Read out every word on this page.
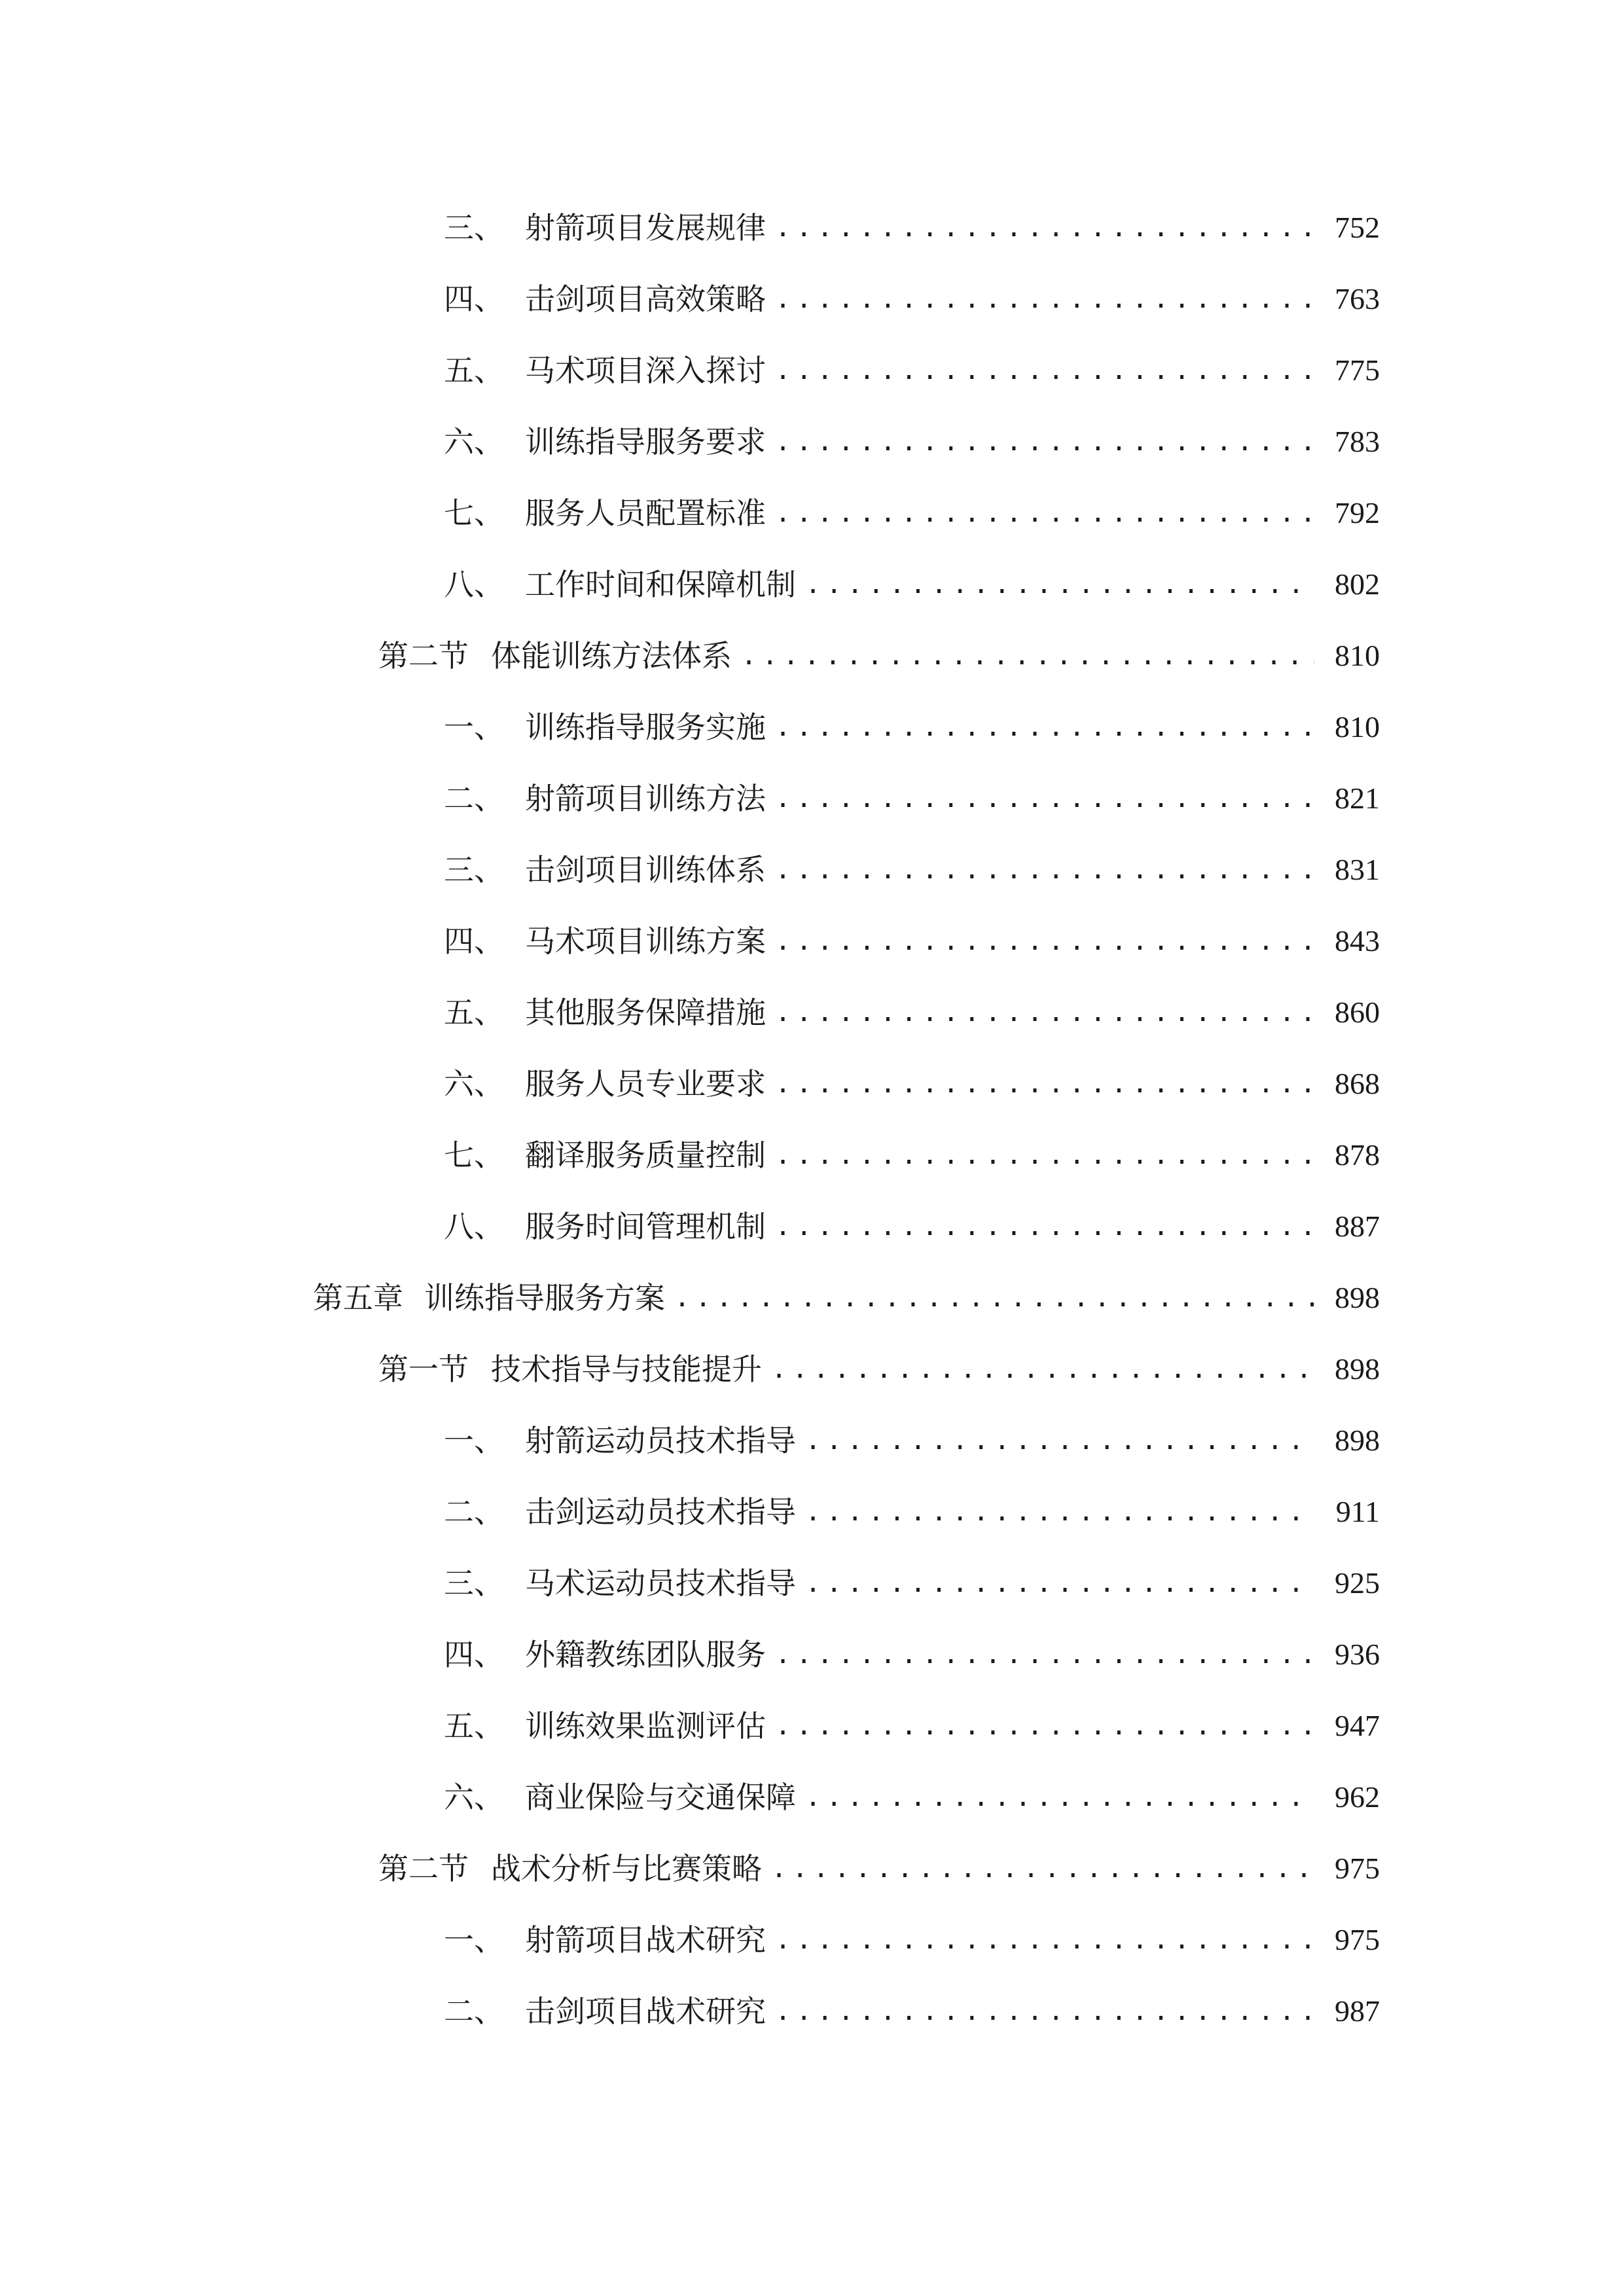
三、 射箭项目发展规律 .....	752
四、 击剑项目高效策略 .....	763
五、 马术项目深入探讨 .....	775
六、 训练指导服务要求 .....	783
七、 服务人员配置标准 .....	792
八、 工作时间和保障机制 .....	802
第二节 体能训练方法体系 .....	810
一、 训练指导服务实施 .....	810
二、 射箭项目训练方法 .....	821
三、 击剑项目训练体系 .....	831
四、 马术项目训练方案 .....	843
五、 其他服务保障措施 .....	860
六、 服务人员专业要求 .....	868
七、 翻译服务质量控制 .....	878
八、 服务时间管理机制 .....	887
第五章 训练指导服务方案 .....	898
第一节 技术指导与技能提升 .....	898
一、 射箭运动员技术指导 .....	898
二、 击剑运动员技术指导 .....	911
三、 马术运动员技术指导 .....	925
四、 外籍教练团队服务 .....	936
五、 训练效果监测评估 .....	947
六、 商业保险与交通保障 .....	962
第二节 战术分析与比赛策略 .....	975
一、 射箭项目战术研究 .....	975
二、 击剑项目战术研究 .....	987
